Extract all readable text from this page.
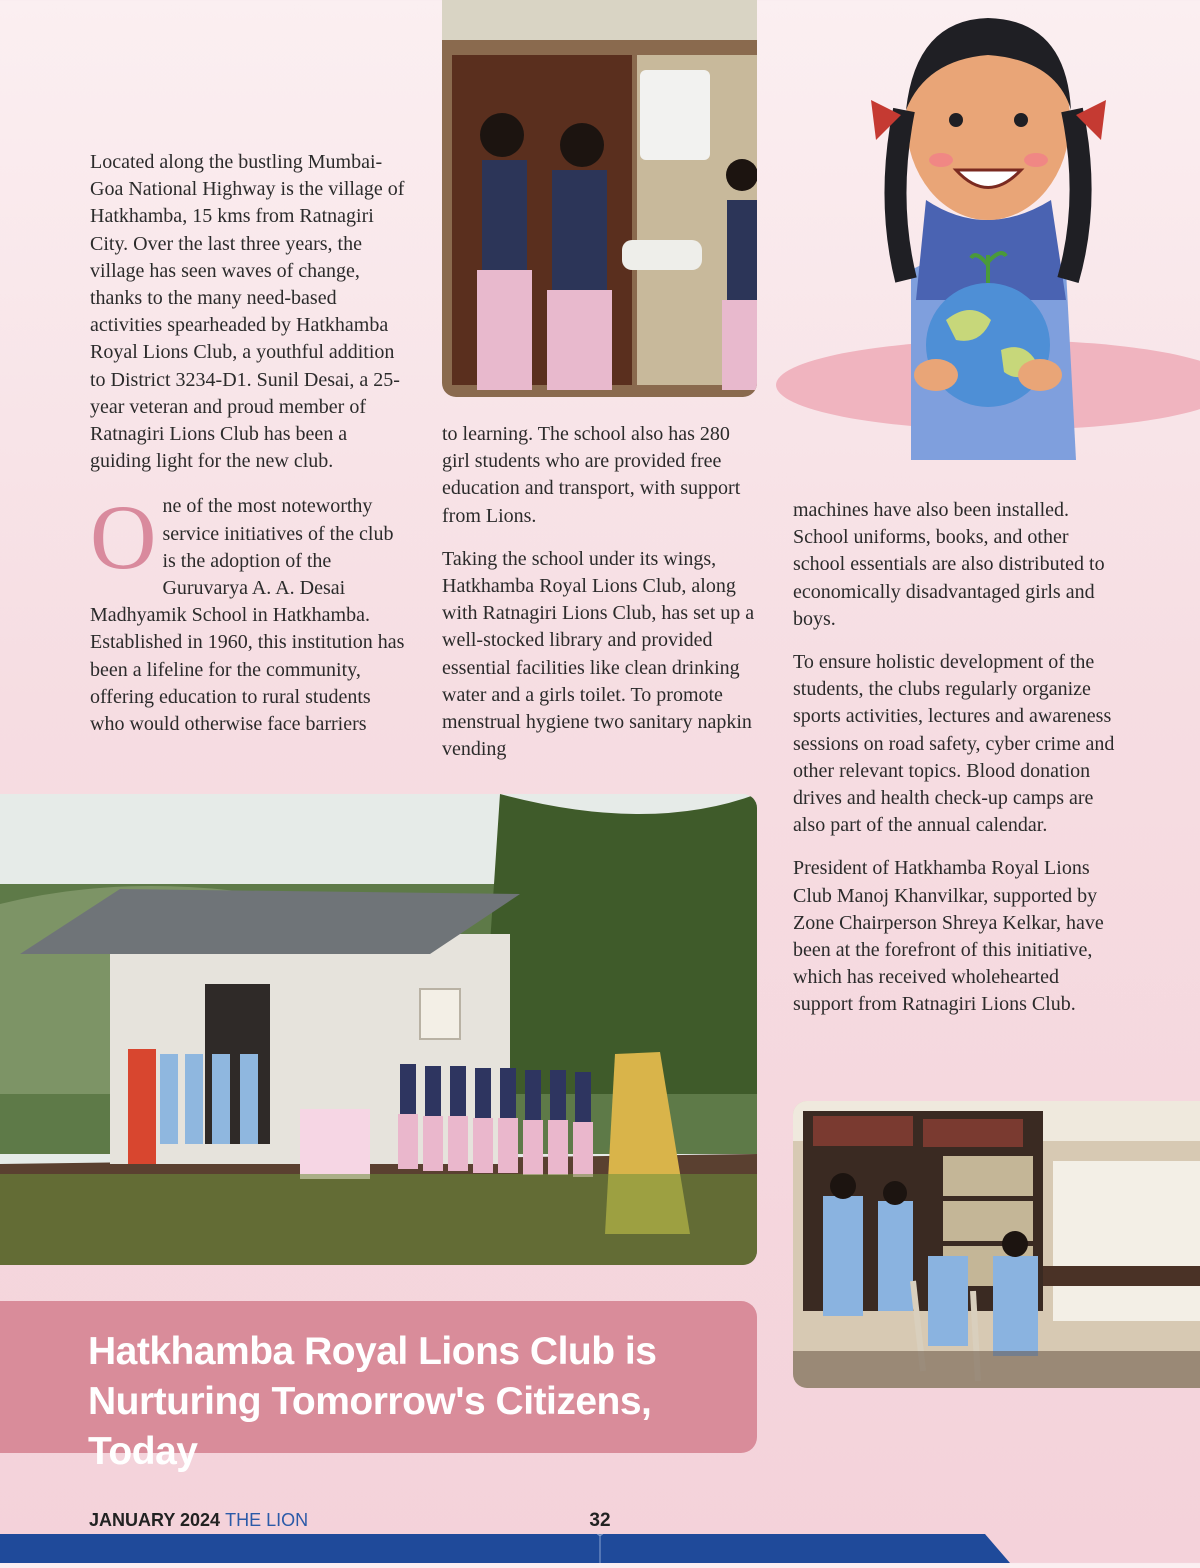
Located along the bustling Mumbai-Goa National Highway is the village of Hatkhamba, 15 kms from Ratnagiri City. Over the last three years, the village has seen waves of change, thanks to the many need-based activities spearheaded by Hatkhamba Royal Lions Club, a youthful addition to District 3234-D1. Sunil Desai, a 25-year veteran and proud member of Ratnagiri Lions Club has been a guiding light for the new club.

One of the most noteworthy service initiatives of the club is the adoption of the Guruvarya A. A. Desai Madhyamik School in Hatkhamba. Established in 1960, this institution has been a lifeline for the community, offering education to rural students who would otherwise face barriers

to learning. The school also has 280 girl students who are provided free education and transport, with support from Lions.

Taking the school under its wings, Hatkhamba Royal Lions Club, along with Ratnagiri Lions Club, has set up a well-stocked library and provided essential facilities like clean drinking water and a girls toilet. To promote menstrual hygiene two sanitary napkin vending

machines have also been installed. School uniforms, books, and other school essentials are also distributed to economically disadvantaged girls and boys.

To ensure holistic development of the students, the clubs regularly organize sports activities, lectures and awareness sessions on road safety, cyber crime and other relevant topics. Blood donation drives and health check-up camps are also part of the annual calendar.

President of Hatkhamba Royal Lions Club Manoj Khanvilkar, supported by Zone Chairperson Shreya Kelkar, have been at the forefront of this initiative, which has received wholehearted support from Ratnagiri Lions Club.

Hatkhamba Royal Lions Club is
Nurturing Tomorrow's Citizens, Today
JANUARY 2024 THE LION	32
